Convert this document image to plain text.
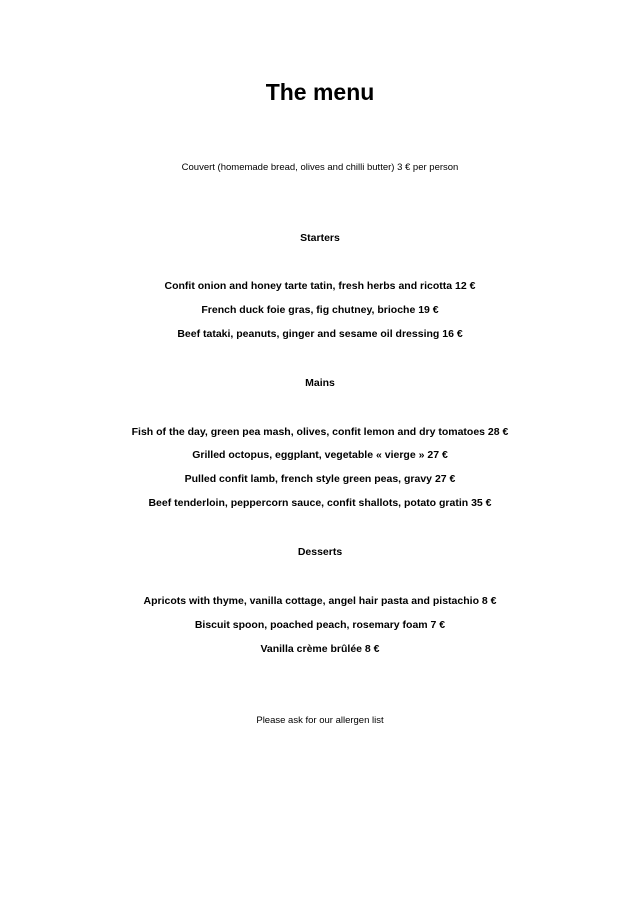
The menu

Couvert (homemade bread, olives and chilli butter) 3 € per person

Starters

Confit onion and honey tarte tatin, fresh herbs and ricotta 12 €

French duck foie gras, fig chutney, brioche 19 €

Beef tataki, peanuts, ginger and sesame oil dressing 16 €

Mains

Fish of the day, green pea mash, olives, confit lemon and dry tomatoes 28 €

Grilled octopus, eggplant, vegetable « vierge » 27 €

Pulled confit lamb, french style green peas, gravy 27 €

Beef tenderloin, peppercorn sauce, confit shallots, potato gratin 35 €

Desserts

Apricots with thyme, vanilla cottage, angel hair pasta and pistachio 8 €

Biscuit spoon, poached peach, rosemary foam 7 €

Vanilla crème brûlée 8 €

Please ask for our allergen list
